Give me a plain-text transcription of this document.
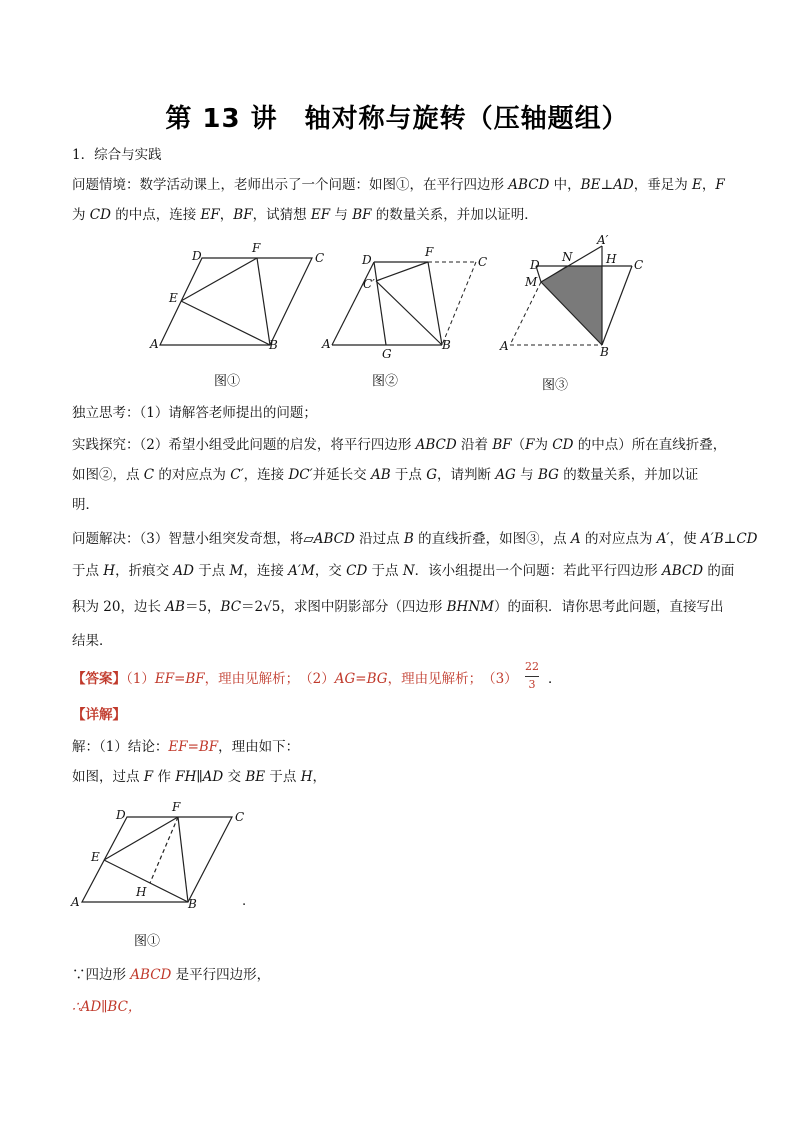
第 13 讲　轴对称与旋转（压轴题组）
1．综合与实践
问题情境：数学活动课上，老师出示了一个问题：如图①，在平行四边形 ABCD 中，BE⊥AD，垂足为 E，F
为 CD 的中点，连接 EF，BF，试猜想 EF 与 BF 的数量关系，并加以证明．
D
F
C
E
A	B
图①
D
F
C
C′
A
G
B
图②
A′
N
D	H C
M
A	B
图③
独立思考：（1）请解答老师提出的问题；
实践探究：（2）希望小组受此问题的启发，将平行四边形 ABCD 沿着 BF（F为 CD 的中点）所在直线折叠，
如图②，点 C 的对应点为 C′，连接 DC′并延长交 AB 于点 G，请判断 AG 与 BG 的数量关系，并加以证
明．
问题解决：（3）智慧小组突发奇想，将▱ABCD 沿过点 B 的直线折叠，如图③，点 A 的对应点为 A′，使 A′B⊥CD
于点 H，折痕交 AD 于点 M，连接 A′M，交 CD 于点 N．该小组提出一个问题：若此平行四边形 ABCD 的面
积为 20，边长 AB＝5，BC＝2√5，求图中阴影部分（四边形 BHNM）的面积．请你思考此问题，直接写出
结果．
【答案】（1）EF=BF，理由见解析；　（2）AG=BG，理由见解析；　（3）
22
3 ．
【详解】
解：（1）结论：EF=BF，理由如下：
如图，过点 F 作 FH∥AD 交 BE 于点 H，
D
F
C
E
H
A	B	.
图①
∵四边形 ABCD 是平行四边形，
∴AD∥BC，
